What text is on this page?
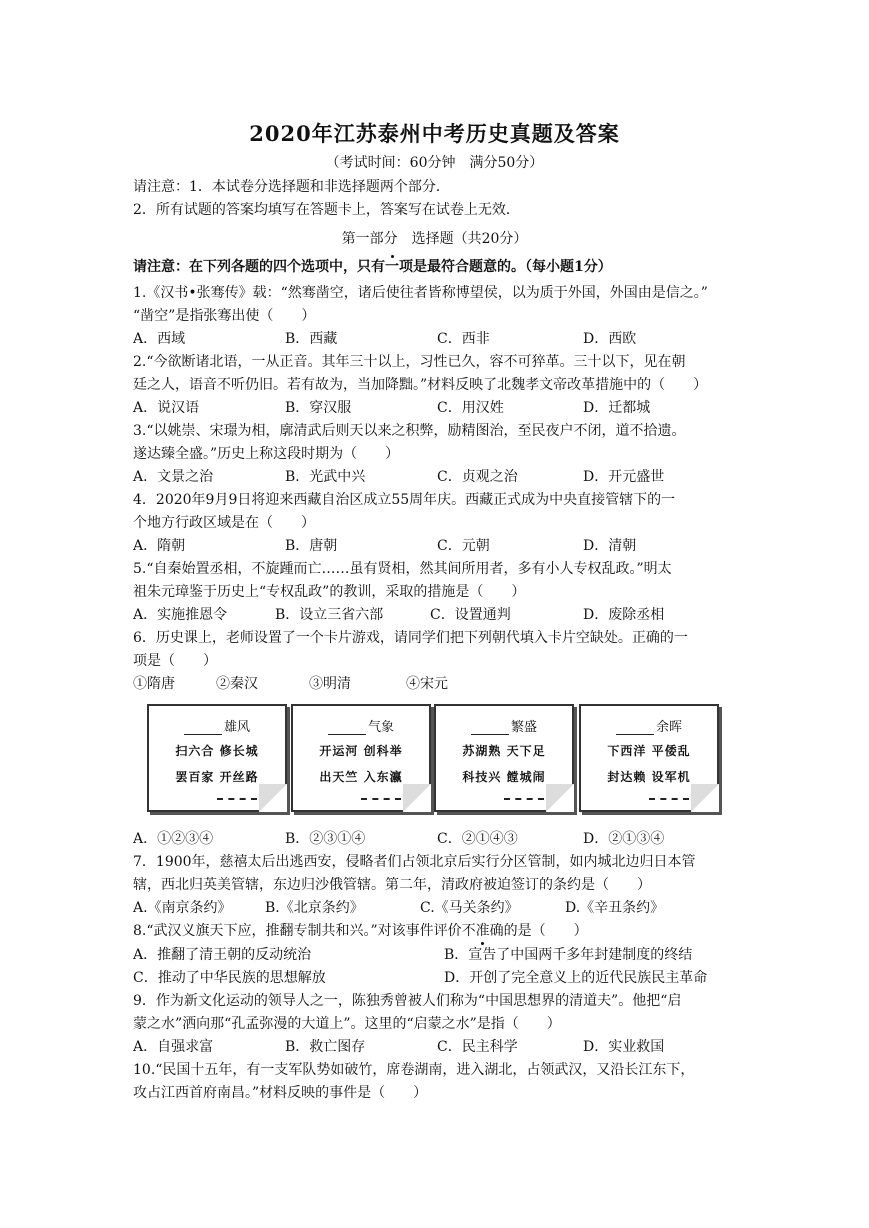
2020年江苏泰州中考历史真题及答案
（考试时间：60分钟　满分50分）
请注意：1．本试卷分选择题和非选择题两个部分．
2．所有试题的答案均填写在答题卡上，答案写在试卷上无效．
第一部分　选择题（共20分）
请注意：在下列各题的四个选项中，只有一项是最符合题意的。（每小题1分）
1.《汉书•张骞传》载：“然骞凿空，诸后使往者皆称博望侯，以为质于外国，外国由是信之。”
“凿空”是指张骞出使（　　）
A．西域	B．西藏	C．西非	D．西欧
2.“今欲断诸北语，一从正音。其年三十以上，习性已久，容不可猝革。三十以下，见在朝
廷之人，语音不听仍旧。若有故为，当加降黜。”材料反映了北魏孝文帝改革措施中的（　　）
A．说汉语	B．穿汉服	C．用汉姓	D．迁都城
3.“以姚崇、宋璟为相，廓清武后则天以来之积弊，励精图治，至民夜户不闭，道不拾遗。
遂达臻全盛。”历史上称这段时期为（　　）
A．文景之治	B．光武中兴	C．贞观之治	D．开元盛世
4．2020年9月9日将迎来西藏自治区成立55周年庆。西藏正式成为中央直接管辖下的一
个地方行政区域是在（　　）
A．隋朝	B．唐朝	C．元朝	D．清朝
5.“自秦始置丞相，不旋踵而亡……虽有贤相，然其间所用者，多有小人专权乱政。”明太
祖朱元璋鉴于历史上“专权乱政”的教训，采取的措施是（　　）
A．实施推恩令	B．设立三省六部	C．设置通判	D．废除丞相
6．历史课上，老师设置了一个卡片游戏，请同学们把下列朝代填入卡片空缺处。正确的一
项是（　　）
①隋唐	②秦汉	③明清	④宋元
雄风
扫六合 修长城
罢百家 开丝路
气象
开运河 创科举
出天竺 入东瀛
繁盛
苏湖熟 天下足
科技兴 饄城闹
余晖
下西洋 平倭乱
封达赖 设军机
A．①②③④	B．②③①④	C．②①④③	D．②①③④
7．1900年，慈禧太后出逃西安，侵略者们占领北京后实行分区管制，如内城北边归日本管
辖，西北归英美管辖，东边归沙俄管辖。第二年，清政府被迫签订的条约是（　　）
A.《南京条约》 B.《北京条约》	C.《马关条约》	D.《辛丑条约》
8.“武汉义旗天下应，推翻专制共和兴。”对该事件评价不准确的是（　　）
A．推翻了清王朝的反动统治	B．宣告了中国两千多年封建制度的终结
C．推动了中华民族的思想解放	D．开创了完全意义上的近代民族民主革命
9．作为新文化运动的领导人之一，陈独秀曾被人们称为“中国思想界的清道夫”。他把“启
蒙之水”洒向那“孔孟弥漫的大道上”。这里的“启蒙之水”是指（　　）
A．自强求富	B．救亡图存	C．民主科学	D．实业救国
10.“民国十五年，有一支军队势如破竹，席卷湖南，进入湖北，占领武汉，又沿长江东下，
攻占江西首府南昌。”材料反映的事件是（　　）
